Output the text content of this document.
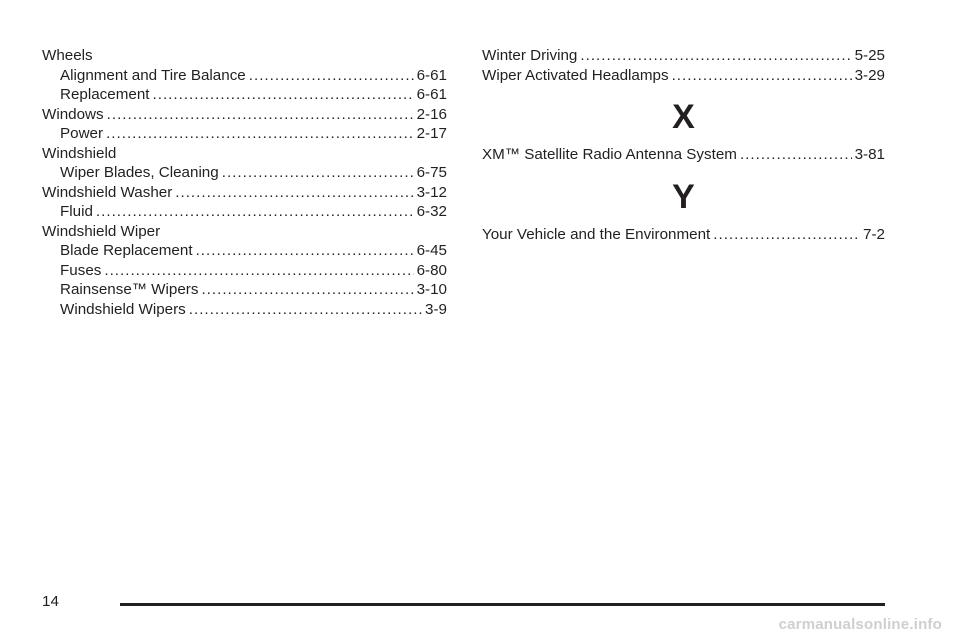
Wheels
Alignment and Tire Balance .....	6-61
Replacement .....	6-61
Windows .....	2-16
Power .....	2-17
Windshield
Wiper Blades, Cleaning .....	6-75
Windshield Washer .....	3-12
Fluid .....	6-32
Windshield Wiper
Blade Replacement .....	6-45
Fuses .....	6-80
Rainsense™ Wipers .....	3-10
Windshield Wipers .....	3-9
Winter Driving .....	5-25
Wiper Activated Headlamps .....	3-29
X
XM™ Satellite Radio Antenna System .....	3-81
Y
Your Vehicle and the Environment .....	7-2
14
carmanualsonline.info
